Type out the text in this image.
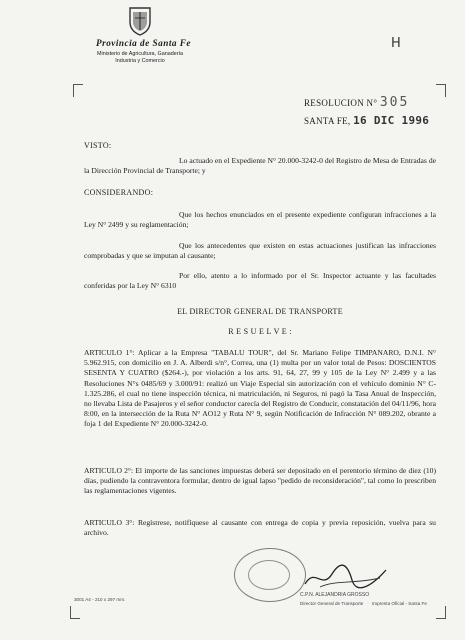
Provincia de Santa Fe
Ministerio de Agricultura, Ganadería
Industria y Comercio
H
RESOLUCION N° 305
SANTA FE, 16 DIC 1996
VISTO:
Lo actuado en el Expediente N° 20.000-3242-0 del Registro de Mesa de Entradas de la Dirección Provincial de Transporte; y
CONSIDERANDO:
Que los hechos enunciados en el presente expediente configuran infracciones a la Ley N° 2499 y su reglamentación;
Que los antecedentes que existen en estas actuaciones justifican las infracciones comprobadas y que se imputan al causante;
Por ello, atento a lo informado por el Sr. Inspector actuante y las facultades conferidas por la Ley N° 6310
EL DIRECTOR GENERAL DE TRANSPORTE
R E S U E L V E :
ARTICULO 1°: Aplicar a la Empresa "TABALU TOUR", del Sr. Mariano Felipe TIMPANARO, D.N.I. N° 5.962.915, con domicilio en J. A. Alberdi s/n°, Correa, una (1) multa por un valor total de Pesos: DOSCIENTOS SESENTA Y CUATRO ($264.-), por violación a los arts. 91, 64, 27, 99 y 105 de la Ley N° 2.499 y a las Resoluciones N°s 0485/69 y 3.000/91: realizó un Viaje Especial sin autorización con el vehículo dominio N° C-1.325.286, el cual no tiene inspección técnica, ni matriculación, ni Seguros, ni pagó la Tasa Anual de Inspección, no llevaba Lista de Pasajeros y el señor conductor carecía del Registro de Conducir, constatación del 04/11/96, hora 8:00, en la intersección de la Ruta N° AO12 y Ruta N° 9, según Notificación de Infracción N° 089.202, obrante a foja 1 del Expediente N° 20.000-3242-0.
ARTICULO 2°: El importe de las sanciones impuestas deberá ser depositado en el perentorio término de diez (10) días, pudiendo la contraventora formular, dentro de igual lapso "pedido de reconsideración", tal como lo prescriben las reglamentaciones vigentes.
ARTICULO 3°: Regístrese, notifíquese al causante con entrega de copia y previa reposición, vuelva para su archivo.
C.P.N. ALEJANDRIA GROSSO
Director General de Transporte
3001 A4 - 210 x 297 mm.
Imprenta Oficial - Santa Fe
